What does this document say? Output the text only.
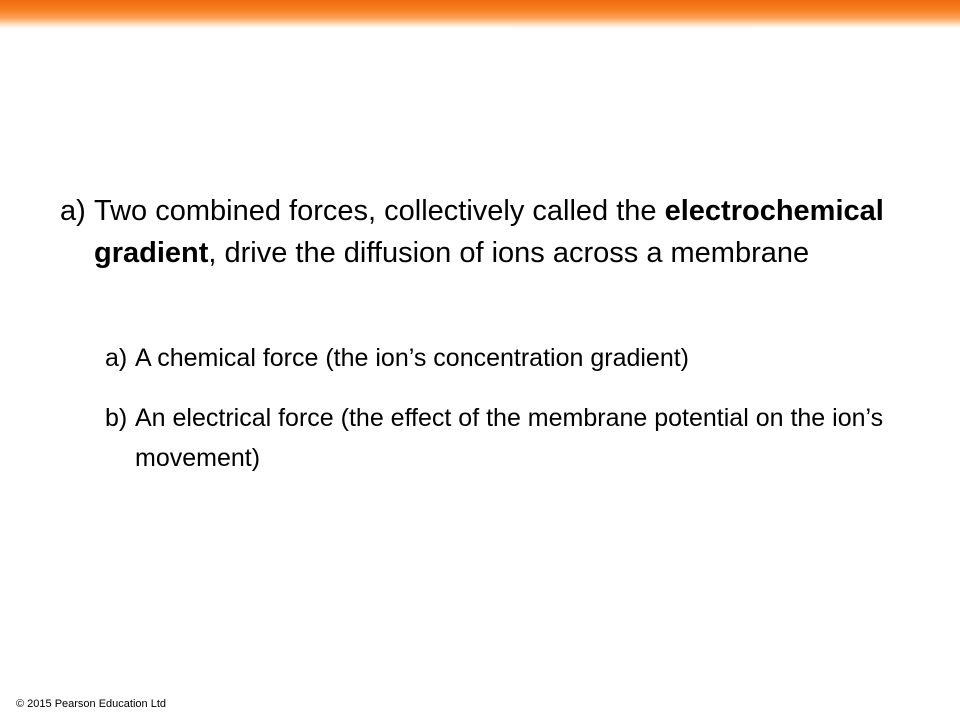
a) Two combined forces, collectively called the electrochemical gradient, drive the diffusion of ions across a membrane
a) A chemical force (the ion’s concentration gradient)
b) An electrical force (the effect of the membrane potential on the ion’s movement)
© 2015 Pearson Education Ltd
